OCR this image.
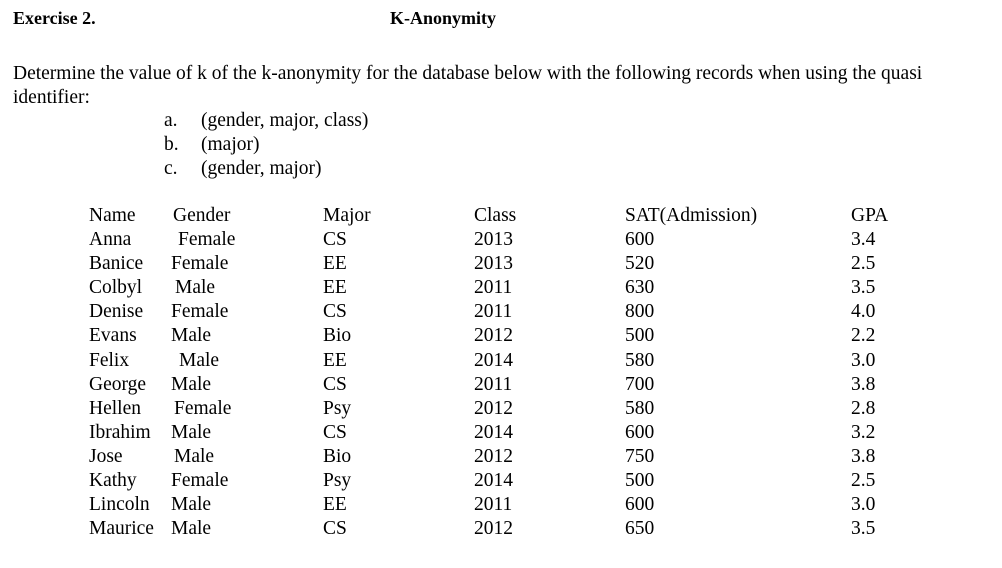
Exercise 2.	K-Anonymity
Determine the value of k of the k-anonymity for the database below with the following records when using the quasi identifier:
a. (gender, major, class)
b. (major)
c. (gender, major)
Name	Gender	Major	Class	SAT(Admission)	GPA
Anna	Female	CS	2013	600	3.4
Banice	Female	EE	2013	520	2.5
Colbyl	Male	EE	2011	630	3.5
Denise	Female	CS	2011	800	4.0
Evans	Male	Bio	2012	500	2.2
Felix	Male	EE	2014	580	3.0
George	Male	CS	2011	700	3.8
Hellen	Female	Psy	2012	580	2.8
Ibrahim	Male	CS	2014	600	3.2
Jose	Male	Bio	2012	750	3.8
Kathy	Female	Psy	2014	500	2.5
Lincoln	Male	EE	2011	600	3.0
Maurice	Male	CS	2012	650	3.5
